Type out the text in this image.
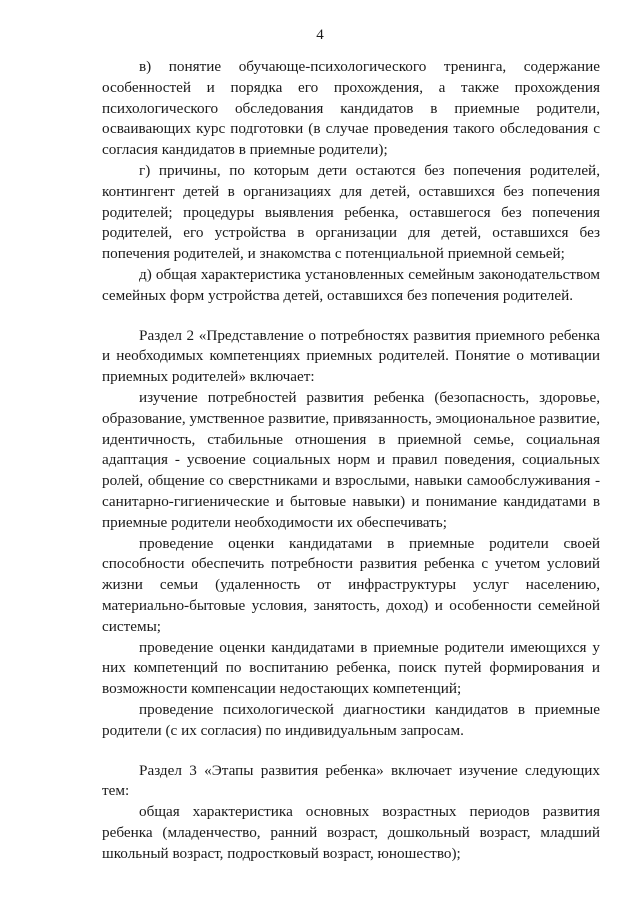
4

в) понятие обучающе-психологического тренинга, содержание особенностей и порядка его прохождения, а также прохождения психологического обследования кандидатов в приемные родители, осваивающих курс подготовки (в случае проведения такого обследования с согласия кандидатов в приемные родители);

г) причины, по которым дети остаются без попечения родителей, контингент детей в организациях для детей, оставшихся без попечения родителей; процедуры выявления ребенка, оставшегося без попечения родителей, его устройства в организации для детей, оставшихся без попечения родителей, и знакомства с потенциальной приемной семьей;

д) общая характеристика установленных семейным законодательством семейных форм устройства детей, оставшихся без попечения родителей.

Раздел 2 «Представление о потребностях развития приемного ребенка и необходимых компетенциях приемных родителей. Понятие о мотивации приемных родителей» включает:

изучение потребностей развития ребенка (безопасность, здоровье, образование, умственное развитие, привязанность, эмоциональное развитие, идентичность, стабильные отношения в приемной семье, социальная адаптация - усвоение социальных норм и правил поведения, социальных ролей, общение со сверстниками и взрослыми, навыки самообслуживания - санитарно-гигиенические и бытовые навыки) и понимание кандидатами в приемные родители необходимости их обеспечивать;

проведение оценки кандидатами в приемные родители своей способности обеспечить потребности развития ребенка с учетом условий жизни семьи (удаленность от инфраструктуры услуг населению, материально-бытовые условия, занятость, доход) и особенности семейной системы;

проведение оценки кандидатами в приемные родители имеющихся у них компетенций по воспитанию ребенка, поиск путей формирования и возможности компенсации недостающих компетенций;

проведение психологической диагностики кандидатов в приемные родители (с их согласия) по индивидуальным запросам.

Раздел 3 «Этапы развития ребенка» включает изучение следующих тем:

общая характеристика основных возрастных периодов развития ребенка (младенчество, ранний возраст, дошкольный возраст, младший школьный возраст, подростковый возраст, юношество);
